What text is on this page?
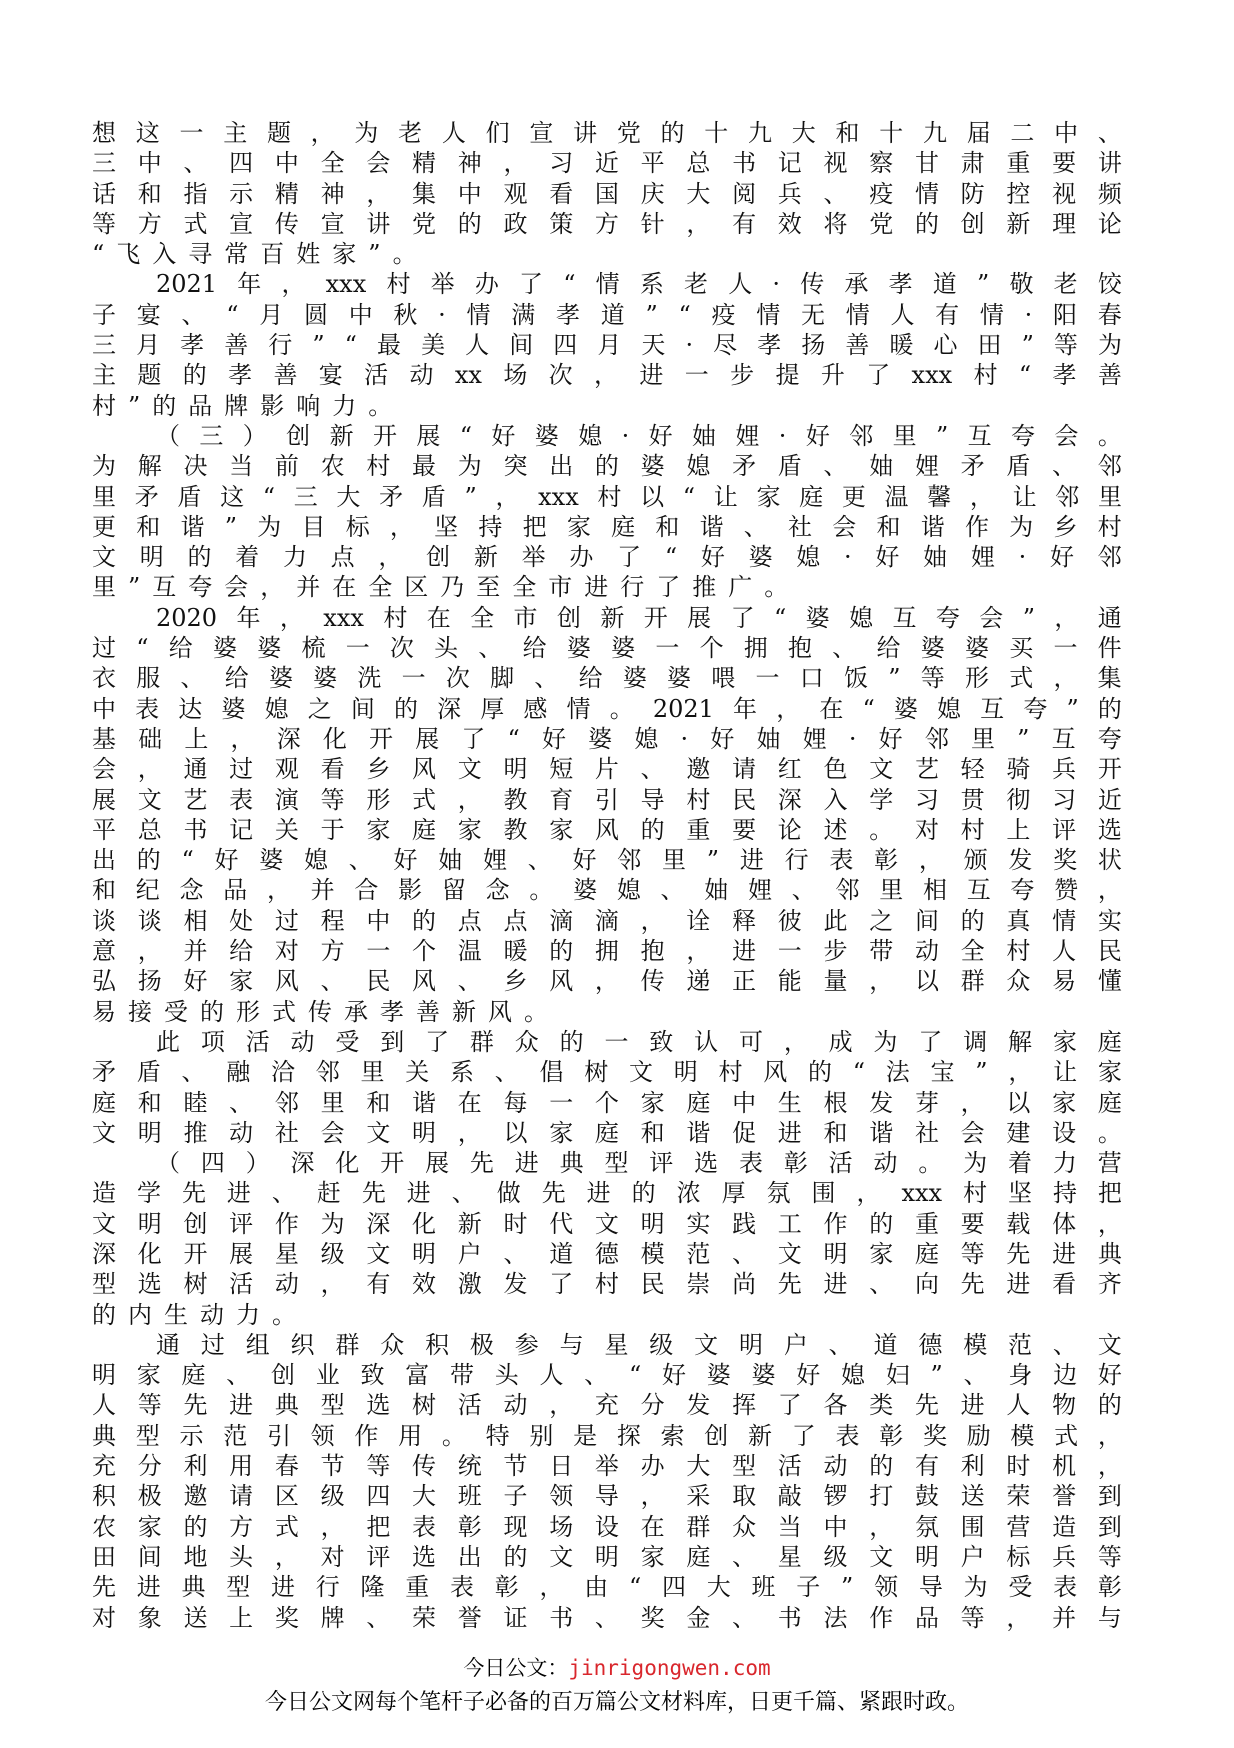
想 这 一 主 题 ， 为 老 人 们 宣 讲 党 的 十 九 大 和 十 九 届 二 中 、
三 中 、 四 中 全 会 精 神 ， 习 近 平 总 书 记 视 察 甘 肃 重 要 讲
话 和 指 示 精 神 ， 集 中 观 看 国 庆 大 阅 兵 、 疫 情 防 控 视 频
等 方 式 宣 传 宣 讲 党 的 政 策 方 针 ， 有 效 将 党 的 创 新 理 论
“ 飞 入 寻 常 百 姓 家 ” 。
2021 年 ， xxx 村 举 办 了 “ 情 系 老 人 · 传 承 孝 道 ” 敬 老 饺
子 宴 、 “ 月 圆 中 秋 · 情 满 孝 道 ” “ 疫 情 无 情 人 有 情 · 阳 春
三 月 孝 善 行 ” “ 最 美 人 间 四 月 天 · 尽 孝 扬 善 暖 心 田 ” 等 为
主 题 的 孝 善 宴 活 动 xx 场 次 ， 进 一 步 提 升 了 xxx 村 “ 孝 善
村 ” 的 品 牌 影 响 力 。
（ 三 ） 创 新 开 展 “ 好 婆 媳 · 好 妯 娌 · 好 邻 里 ” 互 夸 会 。
为 解 决 当 前 农 村 最 为 突 出 的 婆 媳 矛 盾 、 妯 娌 矛 盾 、 邻
里 矛 盾 这 “ 三 大 矛 盾 ” ， xxx 村 以 “ 让 家 庭 更 温 馨 ， 让 邻 里
更 和 谐 ” 为 目 标 ， 坚 持 把 家 庭 和 谐 、 社 会 和 谐 作 为 乡 村
文 明 的 着 力 点 ， 创 新 举 办 了 “ 好 婆 媳 · 好 妯 娌 · 好 邻
里 ” 互 夸 会 ， 并 在 全 区 乃 至 全 市 进 行 了 推 广 。
2020 年 ， xxx 村 在 全 市 创 新 开 展 了 “ 婆 媳 互 夸 会 ” ， 通
过 “ 给 婆 婆 梳 一 次 头 、 给 婆 婆 一 个 拥 抱 、 给 婆 婆 买 一 件
衣 服 、 给 婆 婆 洗 一 次 脚 、 给 婆 婆 喂 一 口 饭 ” 等 形 式 ， 集
中 表 达 婆 媳 之 间 的 深 厚 感 情 。 2021 年 ， 在 “ 婆 媳 互 夸 ” 的
基 础 上 ， 深 化 开 展 了 “ 好 婆 媳 · 好 妯 娌 · 好 邻 里 ” 互 夸
会 ， 通 过 观 看 乡 风 文 明 短 片 、 邀 请 红 色 文 艺 轻 骑 兵 开
展 文 艺 表 演 等 形 式 ， 教 育 引 导 村 民 深 入 学 习 贯 彻 习 近
平 总 书 记 关 于 家 庭 家 教 家 风 的 重 要 论 述 。 对 村 上 评 选
出 的 “ 好 婆 媳 、 好 妯 娌 、 好 邻 里 ” 进 行 表 彰 ， 颁 发 奖 状
和 纪 念 品 ， 并 合 影 留 念 。 婆 媳 、 妯 娌 、 邻 里 相 互 夸 赞 ，
谈 谈 相 处 过 程 中 的 点 点 滴 滴 ， 诠 释 彼 此 之 间 的 真 情 实
意 ， 并 给 对 方 一 个 温 暖 的 拥 抱 ， 进 一 步 带 动 全 村 人 民
弘 扬 好 家 风 、 民 风 、 乡 风 ， 传 递 正 能 量 ， 以 群 众 易 懂
易 接 受 的 形 式 传 承 孝 善 新 风 。
此 项 活 动 受 到 了 群 众 的 一 致 认 可 ， 成 为 了 调 解 家 庭
矛 盾 、 融 洽 邻 里 关 系 、 倡 树 文 明 村 风 的 “ 法 宝 ” ， 让 家
庭 和 睦 、 邻 里 和 谐 在 每 一 个 家 庭 中 生 根 发 芽 ， 以 家 庭
文 明 推 动 社 会 文 明 ， 以 家 庭 和 谐 促 进 和 谐 社 会 建 设 。
（ 四 ） 深 化 开 展 先 进 典 型 评 选 表 彰 活 动 。 为 着 力 营
造 学 先 进 、 赶 先 进 、 做 先 进 的 浓 厚 氛 围 ， xxx 村 坚 持 把
文 明 创 评 作 为 深 化 新 时 代 文 明 实 践 工 作 的 重 要 载 体 ，
深 化 开 展 星 级 文 明 户 、 道 德 模 范 、 文 明 家 庭 等 先 进 典
型 选 树 活 动 ， 有 效 激 发 了 村 民 崇 尚 先 进 、 向 先 进 看 齐
的 内 生 动 力 。
通 过 组 织 群 众 积 极 参 与 星 级 文 明 户 、 道 德 模 范 、 文
明 家 庭 、 创 业 致 富 带 头 人 、 “ 好 婆 婆 好 媳 妇 ” 、 身 边 好
人 等 先 进 典 型 选 树 活 动 ， 充 分 发 挥 了 各 类 先 进 人 物 的
典 型 示 范 引 领 作 用 。 特 别 是 探 索 创 新 了 表 彰 奖 励 模 式 ，
充 分 利 用 春 节 等 传 统 节 日 举 办 大 型 活 动 的 有 利 时 机 ，
积 极 邀 请 区 级 四 大 班 子 领 导 ， 采 取 敲 锣 打 鼓 送 荣 誉 到
农 家 的 方 式 ， 把 表 彰 现 场 设 在 群 众 当 中 ， 氛 围 营 造 到
田 间 地 头 ， 对 评 选 出 的 文 明 家 庭 、 星 级 文 明 户 标 兵 等
先 进 典 型 进 行 隆 重 表 彰 ， 由 “ 四 大 班 子 ” 领 导 为 受 表 彰
对 象 送 上 奖 牌 、 荣 誉 证 书 、 奖 金 、 书 法 作 品 等 ， 并 与
今日公文：jinrigongwen.com
今日公文网每个笔杆子必备的百万篇公文材料库，日更千篇、紧跟时政。
